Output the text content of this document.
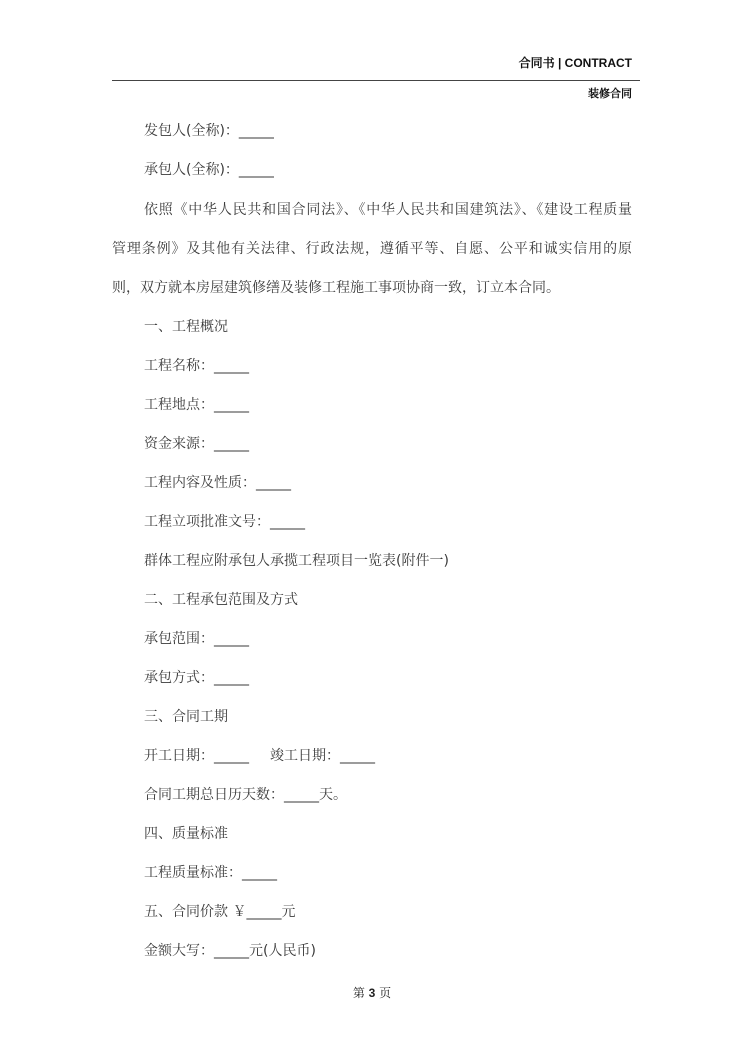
合同书 | CONTRACT
装修合同
发包人(全称)：_____
承包人(全称)：_____
依照《中华人民共和国合同法》、《中华人民共和国建筑法》、《建设工程质量
管理条例》及其他有关法律、行政法规，遵循平等、自愿、公平和诚实信用的原
则，双方就本房屋建筑修缮及装修工程施工事项协商一致，订立本合同。
一、工程概况
工程名称：_____
工程地点：_____
资金来源：_____
工程内容及性质：_____
工程立项批准文号：_____
群体工程应附承包人承揽工程项目一览表(附件一)
二、工程承包范围及方式
承包范围：_____
承包方式：_____
三、合同工期
开工日期：_____ 竣工日期：_____
合同工期总日历天数：_____天。
四、质量标准
工程质量标准：_____
五、合同价款 ￥_____元
金额大写：_____元(人民币)
第 3 页
